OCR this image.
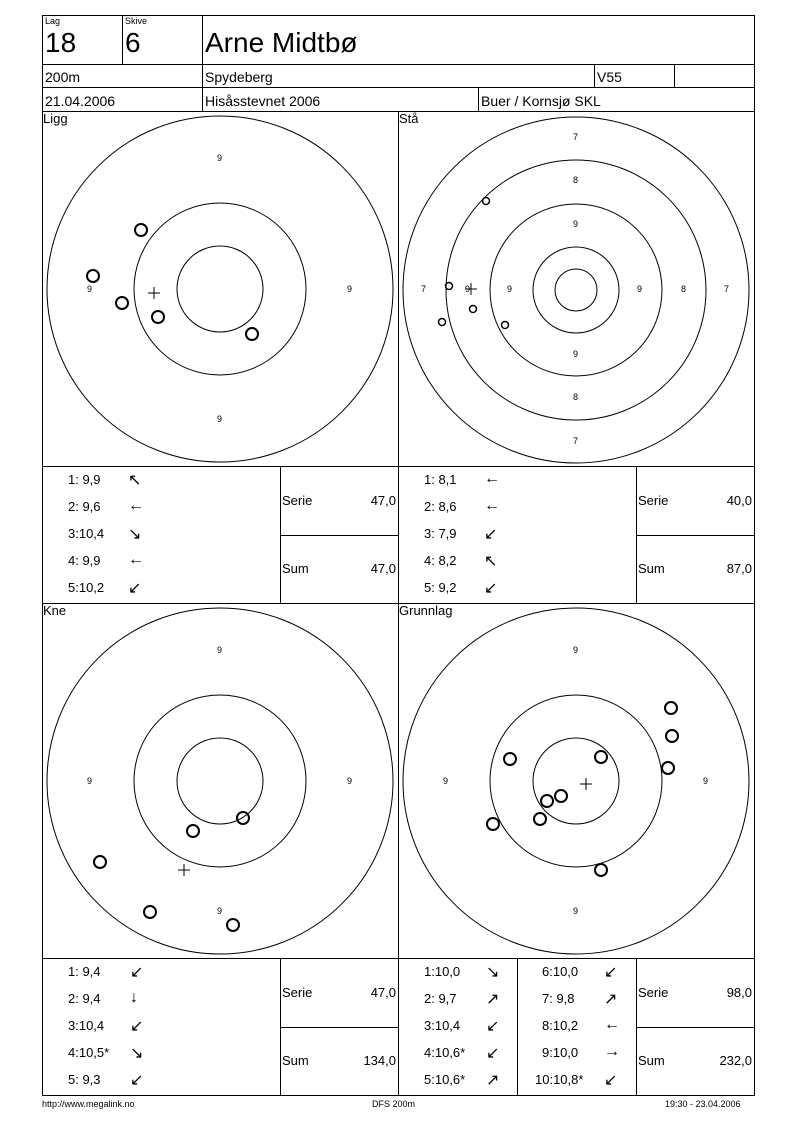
Lag
18
Skive
6 Arne Midtbø
200m	Spydeberg	V55
21.04.2006	Hisåsstevnet 2006	Buer / Kornsjø SKL
Ligg	Stå
Kne	Grunnlag
9
9	9
9
7
8
9
9
8
7
9
9
7	8
9	7
9
9	9
9
9
9	9
9
1: 9,9 ↖
2: 9,6 ←
3:10,4 ↘
4: 9,9 ←
5:10,2 ↙
Serie	47,0
Sum	47,0
1: 8,1 ←
2: 8,6 ←
3: 7,9 ↙
4: 8,2 ↖
5: 9,2 ↙
Serie	40,0
Sum	87,0
1: 9,4 ↙
2: 9,4 ↓
3:10,4 ↙
4:10,5* ↘
5: 9,3 ↙
Serie	47,0
Sum	134,0
1:10,0 ↘
2: 9,7 ↗
3:10,4 ↙
4:10,6* ↙
5:10,6* ↗
6:10,0 ↙
7: 9,8 ↗
8:10,2 ←
9:10,0 →
10:10,8* ↙
Serie	98,0
Sum	232,0
http://www.megalink.no	DFS 200m	19:30 - 23.04.2006
